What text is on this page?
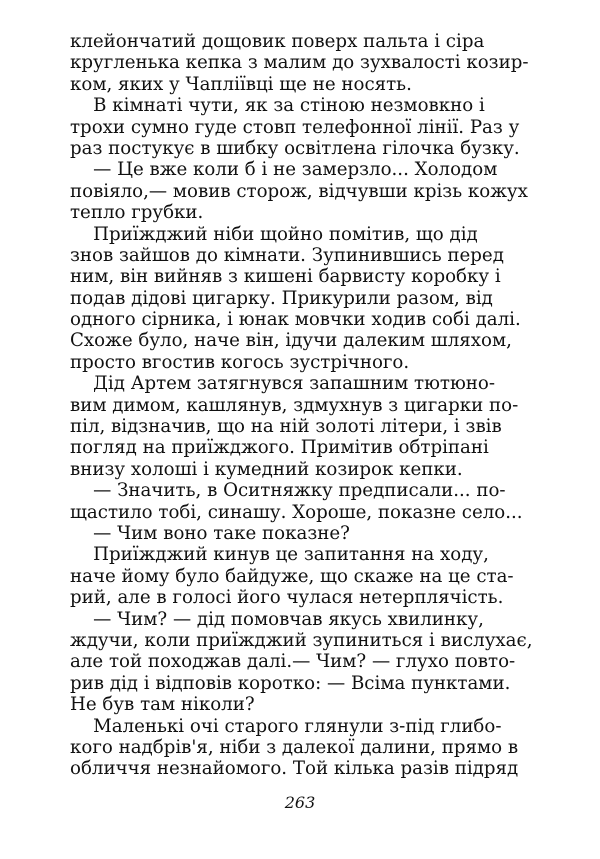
клейончатий дощовик поверх пальта і сіра
кругленька кепка з малим до зухвалості козир-
ком, яких у Чапліївці ще не носять.
В кімнаті чути, як за стіною незмовкно і
трохи сумно гуде стовп телефонної лінії. Раз у
раз постукує в шибку освітлена гілочка бузку.
— Це вже коли б і не замерзло... Холодом
повіяло,— мовив сторож, відчувши крізь кожух
тепло грубки.
Приїжджий ніби щойно помітив, що дід
знов зайшов до кімнати. Зупинившись перед
ним, він вийняв з кишені барвисту коробку і
подав дідові цигарку. Прикурили разом, від
одного сірника, і юнак мовчки ходив собі далі.
Схоже було, наче він, ідучи далеким шляхом,
просто вгостив когось зустрічного.
Дід Артем затягнувся запашним тютюно-
вим димом, кашлянув, здмухнув з цигарки по-
піл, відзначив, що на ній золоті літери, і звів
погляд на приїжджого. Примітив обтріпані
внизу холоші і кумедний козирок кепки.
— Значить, в Оситняжку предписали... по-
щастило тобі, синашу. Хороше, показне село...
— Чим воно таке показне?
Приїжджий кинув це запитання на ходу,
наче йому було байдуже, що скаже на це ста-
рий, але в голосі його чулася нетерплячість.
— Чим? — дід помовчав якусь хвилинку,
ждучи, коли приїжджий зупиниться і вислухає,
але той походжав далі.— Чим? — глухо повто-
рив дід і відповів коротко: — Всіма пунктами.
Не був там ніколи?
Маленькі очі старого глянули з-під глибо-
кого надбрів'я, ніби з далекої далини, прямо в
обличчя незнайомого. Той кілька разів підряд
263
